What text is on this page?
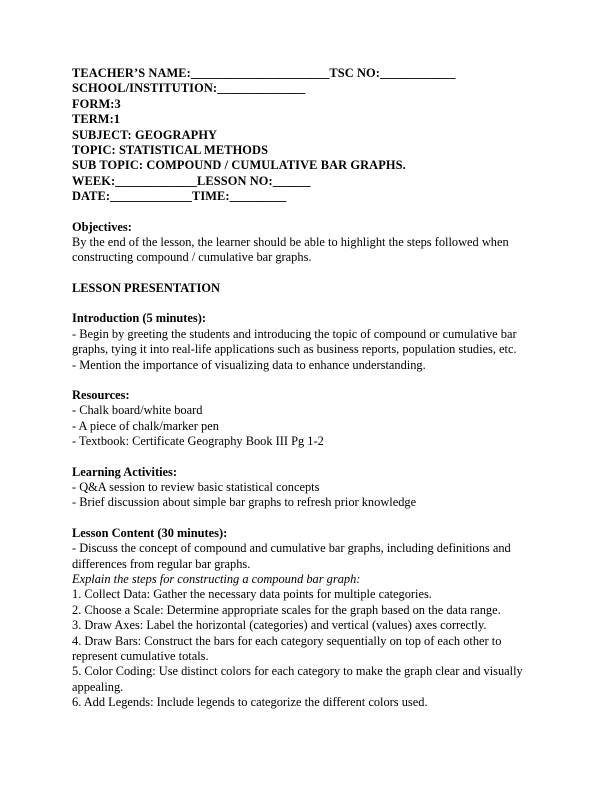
TEACHER’S NAME:______________________TSC NO:____________
SCHOOL/INSTITUTION:______________
FORM:3
TERM:1
SUBJECT: GEOGRAPHY
TOPIC: STATISTICAL METHODS
SUB TOPIC: COMPOUND / CUMULATIVE BAR GRAPHS.
WEEK:_____________LESSON NO:______
DATE:_____________TIME:_________
Objectives:
By the end of the lesson, the learner should be able to highlight the steps followed when constructing compound / cumulative bar graphs.
LESSON PRESENTATION
Introduction (5 minutes):
- Begin by greeting the students and introducing the topic of compound or cumulative bar graphs, tying it into real-life applications such as business reports, population studies, etc.
- Mention the importance of visualizing data to enhance understanding.
Resources:
- Chalk board/white board
- A piece of chalk/marker pen
- Textbook: Certificate Geography Book III Pg 1-2
Learning Activities:
- Q&A session to review basic statistical concepts
- Brief discussion about simple bar graphs to refresh prior knowledge
Lesson Content (30 minutes):
- Discuss the concept of compound and cumulative bar graphs, including definitions and differences from regular bar graphs.
Explain the steps for constructing a compound bar graph:
1. Collect Data: Gather the necessary data points for multiple categories.
2. Choose a Scale: Determine appropriate scales for the graph based on the data range.
3. Draw Axes: Label the horizontal (categories) and vertical (values) axes correctly.
4. Draw Bars: Construct the bars for each category sequentially on top of each other to represent cumulative totals.
5. Color Coding: Use distinct colors for each category to make the graph clear and visually appealing.
6. Add Legends: Include legends to categorize the different colors used.
